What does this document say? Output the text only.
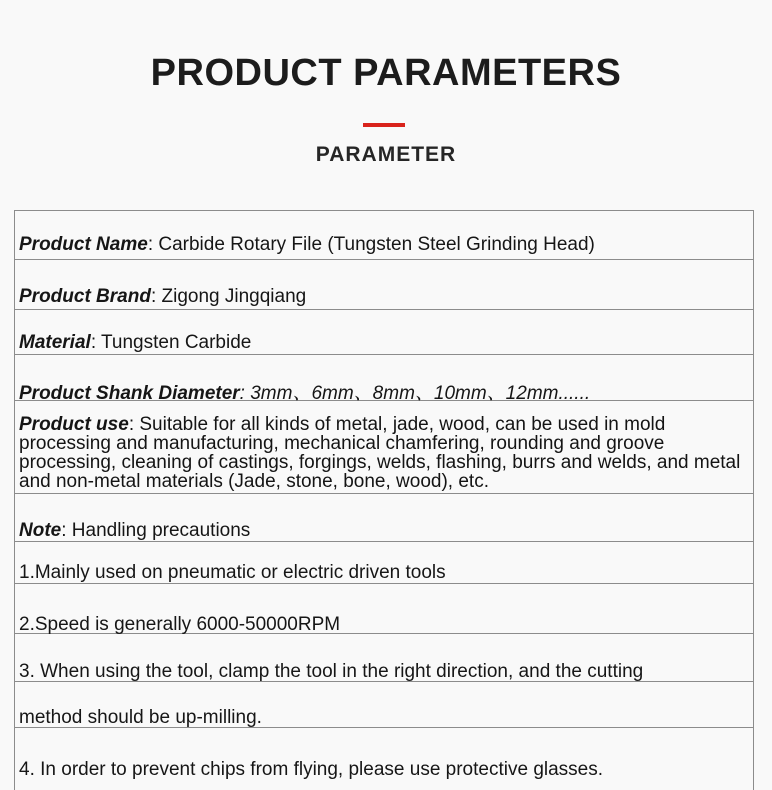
PRODUCT PARAMETERS
PARAMETER
Product Name: Carbide Rotary File (Tungsten Steel Grinding Head)
Product Brand: Zigong Jingqiang
Material: Tungsten Carbide
Product Shank Diameter: 3mm、6mm、8mm、10mm、12mm......
Product use: Suitable for all kinds of metal, jade, wood, can be used in mold processing and manufacturing, mechanical chamfering, rounding and groove processing, cleaning of castings, forgings, welds, flashing, burrs and welds, and metal and non-metal materials (Jade, stone, bone, wood), etc.
Note: Handling precautions
1.Mainly used on pneumatic or electric driven tools
2.Speed is generally 6000-50000RPM
3. When using the tool, clamp the tool in the right direction, and the cutting
method should be up-milling.
4. In order to prevent chips from flying, please use protective glasses.
